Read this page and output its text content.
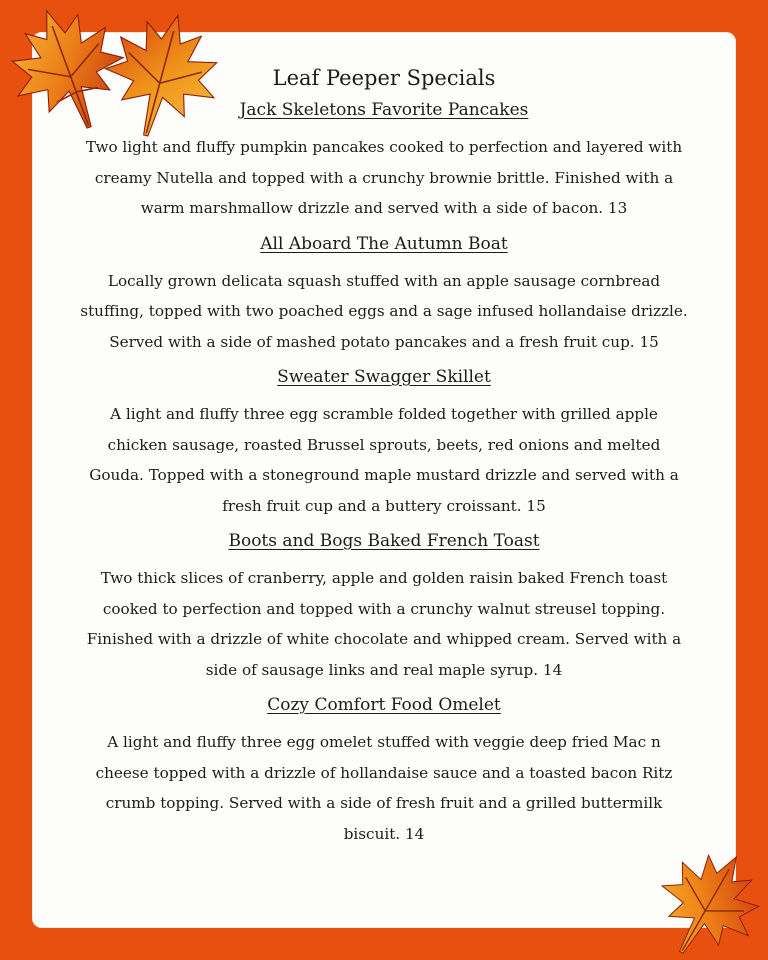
Leaf Peeper Specials
Jack Skeletons Favorite Pancakes
Two light and fluffy pumpkin pancakes cooked to perfection and layered with creamy Nutella and topped with a crunchy brownie brittle. Finished with a warm marshmallow drizzle and served with a side of bacon. 13
All Aboard The Autumn Boat
Locally grown delicata squash stuffed with an apple sausage cornbread stuffing, topped with two poached eggs and a sage infused hollandaise drizzle. Served with a side of mashed potato pancakes and a fresh fruit cup. 15
Sweater Swagger Skillet
A light and fluffy three egg scramble folded together with grilled apple chicken sausage, roasted Brussel sprouts, beets, red onions and melted Gouda. Topped with a stoneground maple mustard drizzle and served with a fresh fruit cup and a buttery croissant. 15
Boots and Bogs Baked French Toast
Two thick slices of cranberry, apple and golden raisin baked French toast cooked to perfection and topped with a crunchy walnut streusel topping. Finished with a drizzle of white chocolate and whipped cream. Served with a side of sausage links and real maple syrup. 14
Cozy Comfort Food Omelet
A light and fluffy three egg omelet stuffed with veggie deep fried Mac n cheese topped with a drizzle of hollandaise sauce and a toasted bacon Ritz crumb topping. Served with a side of fresh fruit and a grilled buttermilk biscuit. 14
